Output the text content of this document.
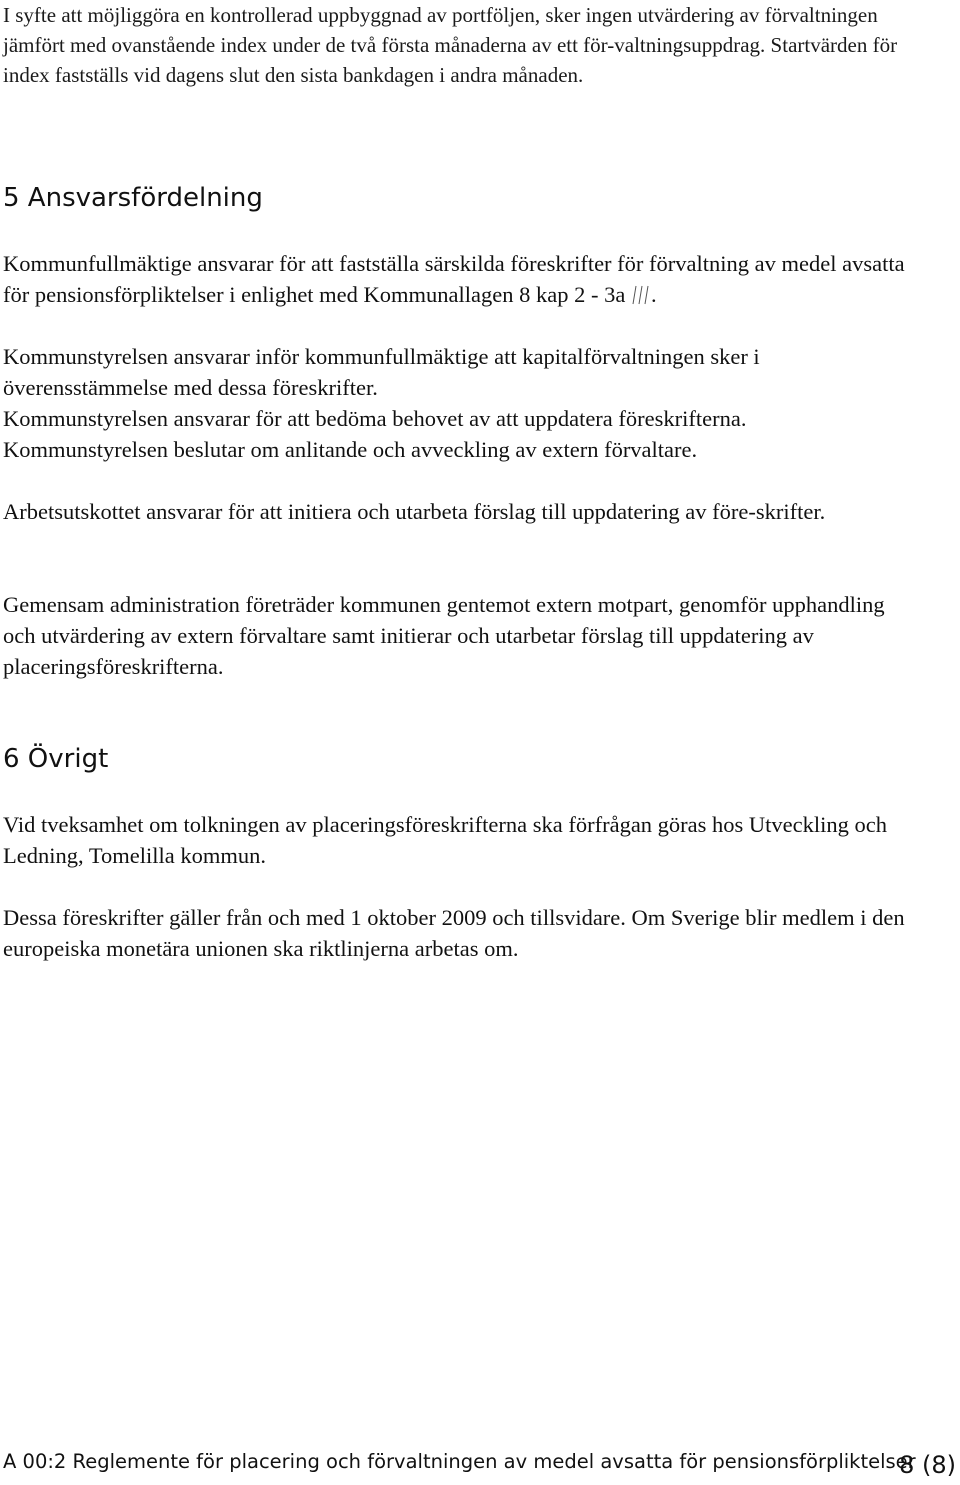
I syfte att möjliggöra en kontrollerad uppbyggnad av portföljen, sker ingen utvärdering av förvaltningen jämfört med ovanstående index under de två första månaderna av ett för-valtningsuppdrag. Startvärden för index fastställs vid dagens slut den sista bankdagen i andra månaden.

5 Ansvarsfördelning

Kommunfullmäktige ansvarar för att fastställa särskilda föreskrifter för förvaltning av medel avsatta för pensionsförpliktelser i enlighet med Kommunallagen 8 kap 2 - 3a .

Kommunstyrelsen ansvarar inför kommunfullmäktige att kapitalförvaltningen sker i överensstämmelse med dessa föreskrifter.

Kommunstyrelsen ansvarar för att bedöma behovet av att uppdatera föreskrifterna.

Kommunstyrelsen beslutar om anlitande och avveckling av extern förvaltare.

Arbetsutskottet ansvarar för att initiera och utarbeta förslag till uppdatering av före-skrifter.

Gemensam administration företräder kommunen gentemot extern motpart, genomför upphandling och utvärdering av extern förvaltare samt initierar och utarbetar förslag till uppdatering av placeringsföreskrifterna.

6 Övrigt

Vid tveksamhet om tolkningen av placeringsföreskrifterna ska förfrågan göras hos Utveckling och Ledning, Tomelilla kommun.

Dessa föreskrifter gäller från och med 1 oktober 2009 och tillsvidare. Om Sverige blir medlem i den europeiska monetära unionen ska riktlinjerna arbetas om.

A 00:2 Reglemente för placering och förvaltningen av medel avsatta för pensionsförpliktelser
8 (8)
